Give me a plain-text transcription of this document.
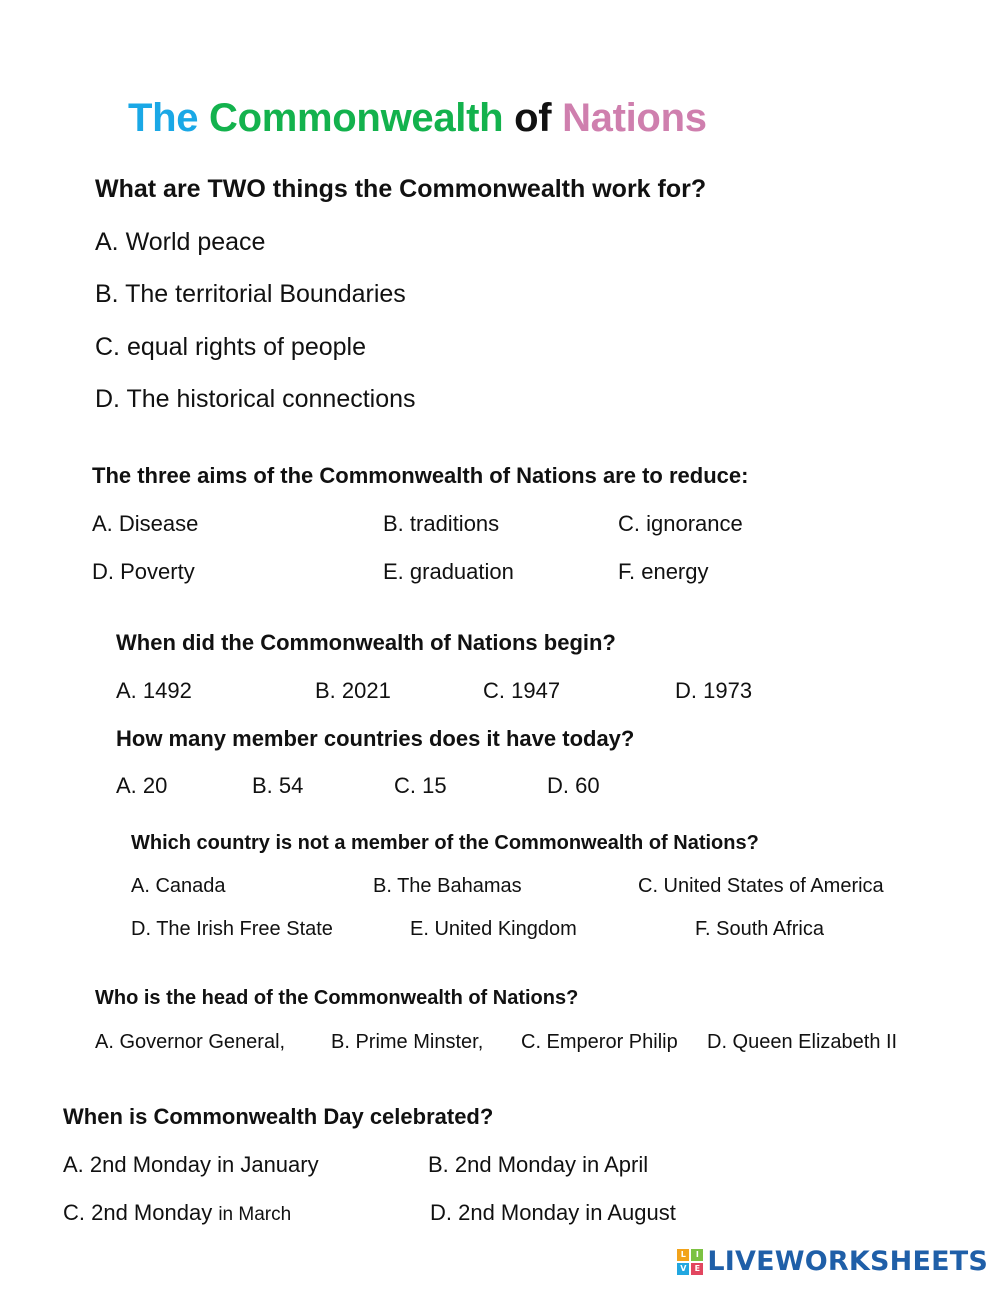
The Commonwealth of Nations
What are TWO things the Commonwealth work for?
A. World peace
B. The territorial Boundaries
C. equal rights of people
D. The historical connections
The three aims of the Commonwealth of Nations are to reduce:
A. Disease	B. traditions	C. ignorance
D. Poverty	E. graduation	F. energy
When did the Commonwealth of Nations begin?
A. 1492	B. 2021	C. 1947	D. 1973
How many member countries does it have today?
A. 20	B. 54	C. 15	D. 60
Which country is not a member of the Commonwealth of Nations?
A. Canada	B. The Bahamas	C. United States of America
D. The Irish Free State	E. United Kingdom	F. South Africa
Who is the head of the Commonwealth of Nations?
A. Governor General, B. Prime Minster, C. Emperor Philip D. Queen Elizabeth II
When is Commonwealth Day celebrated?
A. 2nd Monday in January	B. 2nd Monday in April
C. 2nd Monday in March	D. 2nd Monday in August
L	I
V	E LIVEWORKSHEETS
